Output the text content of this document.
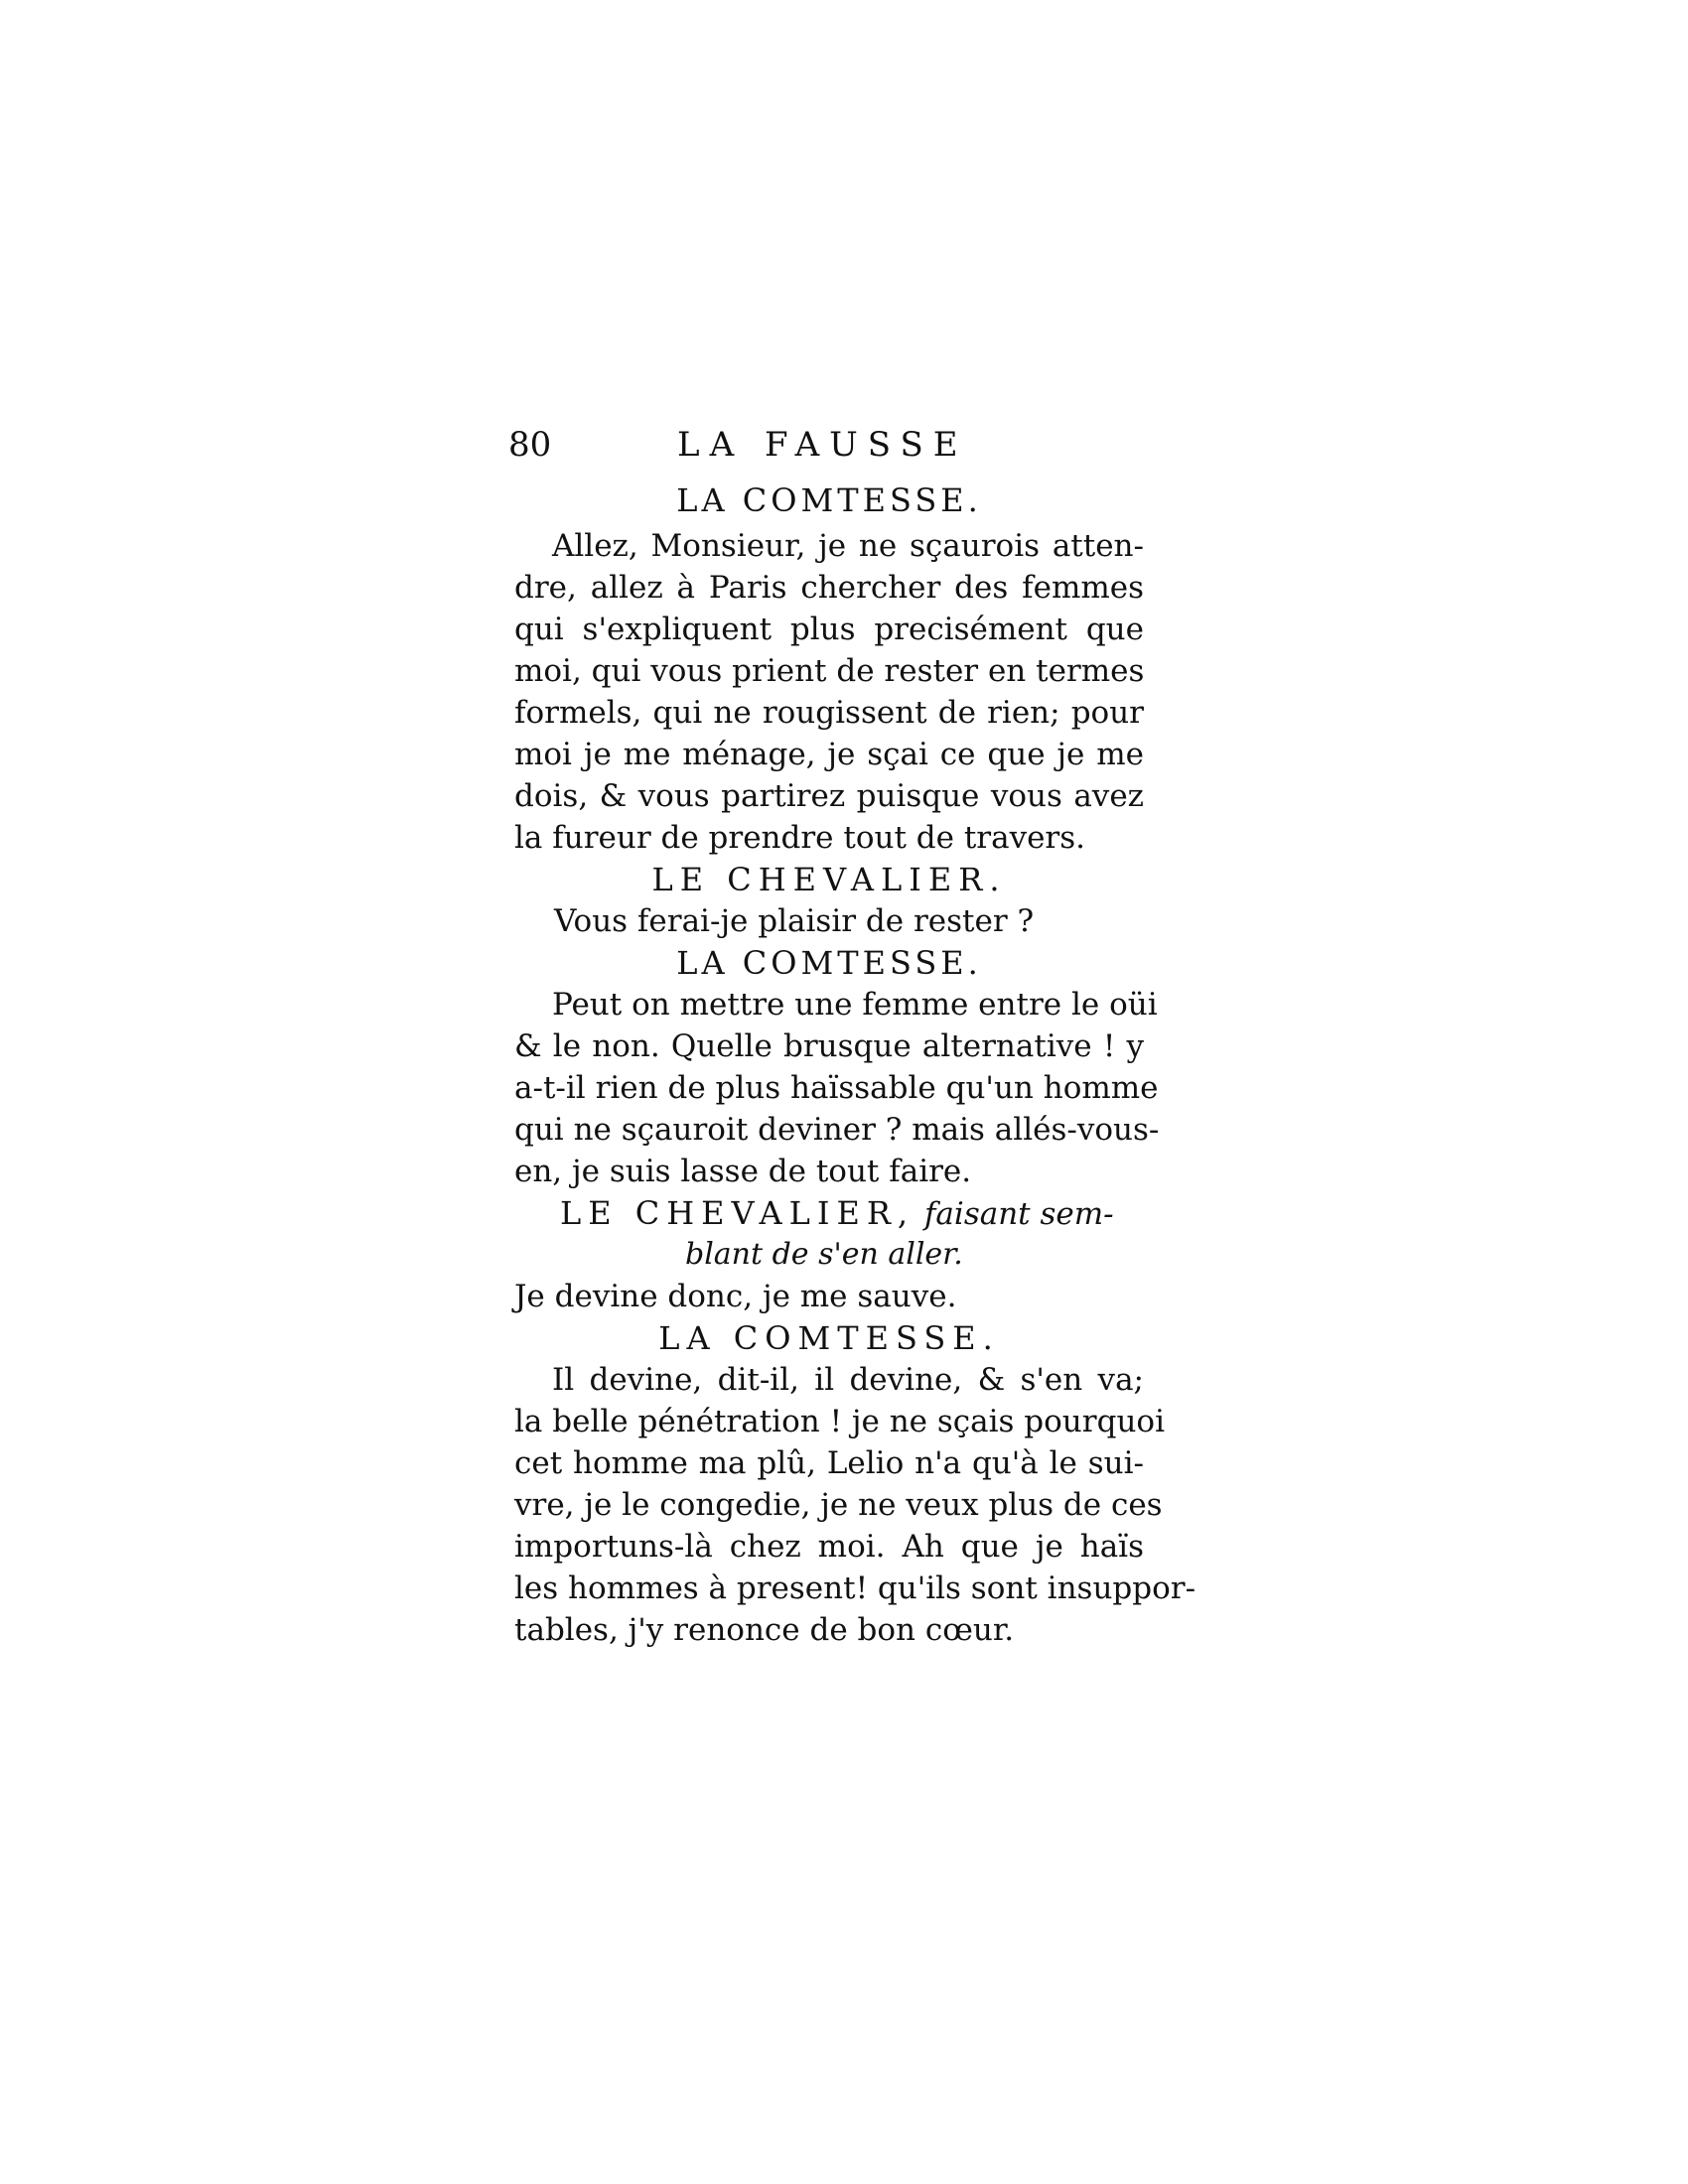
80	LA FAUSSE
LA COMTESSE.
Allez, Monsieur, je ne sçaurois atten-
dre, allez à Paris chercher des femmes
qui s'expliquent plus precisément que
moi, qui vous prient de rester en termes
formels, qui ne rougissent de rien; pour
moi je me ménage, je sçai ce que je me
dois, & vous partirez puisque vous avez
la fureur de prendre tout de travers.
LE CHEVALIER.
Vous ferai-je plaisir de rester ?
LA COMTESSE.
Peut on mettre une femme entre le oüi
& le non. Quelle brusque alternative ! y
a-t-il rien de plus haïssable qu'un homme
qui ne sçauroit deviner ? mais allés-vous-
en, je suis lasse de tout faire.
LE CHEVALIER, faisant sem-
blant de s'en aller.
Je devine donc, je me sauve.
LA COMTESSE.
Il devine, dit-il, il devine, & s'en va;
la belle pénétration ! je ne sçais pourquoi
cet homme ma plû, Lelio n'a qu'à le sui-
vre, je le congedie, je ne veux plus de ces
importuns-là chez moi. Ah que je haïs
les hommes à present! qu'ils sont insuppor-
tables, j'y renonce de bon cœur.
